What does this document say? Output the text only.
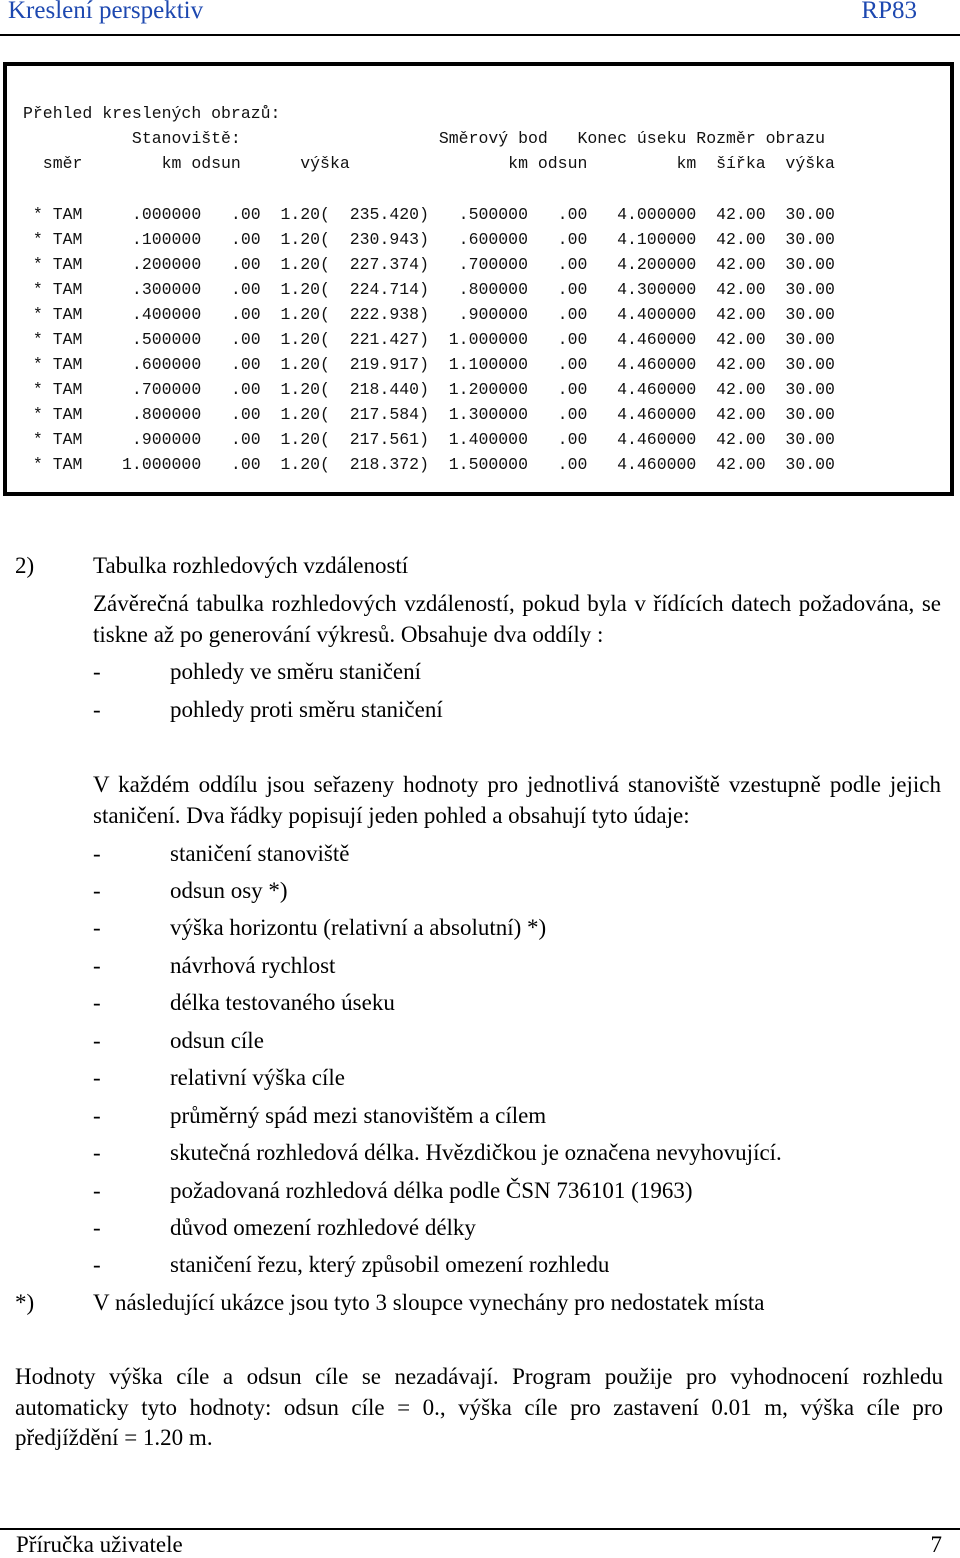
Kreslení perspektiv	RP83
Přehled kreslených obrazů:
Stanoviště:                    Směrový bod   Konec úseku Rozměr obrazu
směr        km odsun      výška                km odsun         km  šířka  výška
* TAM     .000000   .00  1.20(  235.420)   .500000   .00   4.000000  42.00  30.00
* TAM     .100000   .00  1.20(  230.943)   .600000   .00   4.100000  42.00  30.00
* TAM     .200000   .00  1.20(  227.374)   .700000   .00   4.200000  42.00  30.00
* TAM     .300000   .00  1.20(  224.714)   .800000   .00   4.300000  42.00  30.00
* TAM     .400000   .00  1.20(  222.938)   .900000   .00   4.400000  42.00  30.00
* TAM     .500000   .00  1.20(  221.427)  1.000000   .00   4.460000  42.00  30.00
* TAM     .600000   .00  1.20(  219.917)  1.100000   .00   4.460000  42.00  30.00
* TAM     .700000   .00  1.20(  218.440)  1.200000   .00   4.460000  42.00  30.00
* TAM     .800000   .00  1.20(  217.584)  1.300000   .00   4.460000  42.00  30.00
* TAM     .900000   .00  1.20(  217.561)  1.400000   .00   4.460000  42.00  30.00
* TAM    1.000000   .00  1.20(  218.372)  1.500000   .00   4.460000  42.00  30.00
2)	Tabulka rozhledových vzdáleností
Závěrečná tabulka rozhledových vzdáleností, pokud byla v řídících datech požadována, se tiskne až po generování výkresů. Obsahuje dva oddíly :
-	pohledy ve směru staničení
-	pohledy proti směru staničení
V každém oddílu jsou seřazeny hodnoty pro jednotlivá stanoviště vzestupně podle jejich staničení. Dva řádky popisují jeden pohled a obsahují tyto údaje:
-	staničení stanoviště
-	odsun osy *)
-	výška horizontu (relativní a absolutní) *)
-	návrhová rychlost
-	délka testovaného úseku
-	odsun cíle
-	relativní výška cíle
-	průměrný spád mezi stanovištěm a cílem
-	skutečná rozhledová délka. Hvězdičkou je označena nevyhovující.
-	požadovaná rozhledová délka podle ČSN 736101 (1963)
-	důvod omezení rozhledové délky
-	staničení řezu, který způsobil omezení rozhledu
*)	V následující ukázce jsou tyto 3 sloupce vynechány pro nedostatek místa
Hodnoty výška cíle a odsun cíle se nezadávají. Program použije pro vyhodnocení rozhledu automaticky tyto hodnoty: odsun cíle = 0., výška cíle pro zastavení 0.01 m, výška cíle pro předjíždění = 1.20 m.
Příručka uživatele	7
